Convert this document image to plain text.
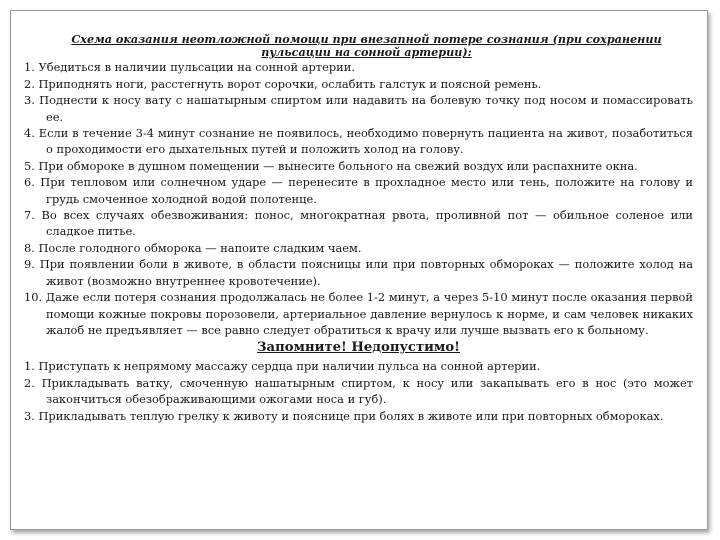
Схема оказания неотложной помощи при внезапной потере сознания (при сохранении пульсации на сонной артерии):
1. Убедиться в наличии пульсации на сонной артерии.
2. Приподнять ноги, расстегнуть ворот сорочки, ослабить галстук и поясной ремень.
3. Поднести к носу вату с нашатырным спиртом или надавить на болевую точку под носом и помассировать ее.
4. Если в течение 3-4 минут сознание не появилось, необходимо повернуть пациента на живот, позаботиться о проходимости его дыхательных путей и положить холод на голову.
5. При обмороке в душном помещении — вынесите больного на свежий воздух или распахните окна.
6. При тепловом или солнечном ударе — перенесите в прохладное место или тень, положите на голову и грудь смоченное холодной водой полотенце.
7. Во всех случаях обезвоживания: понос, многократная рвота, проливной пот — обильное соленое или сладкое питье.
8. После голодного обморока — напоите сладким чаем.
9. При появлении боли в животе, в области поясницы или при повторных обмороках — положите холод на живот (возможно внутреннее кровотечение).
10. Даже если потеря сознания продолжалась не более 1-2 минут, а через 5-10 минут после оказания первой помощи кожные покровы порозовели, артериальное давление вернулось к норме, и сам человек никаких жалоб не предъявляет — все равно следует обратиться к врачу или лучше вызвать его к больному.
Запомните! Недопустимо!
1. Приступать к непрямому массажу сердца при наличии пульса на сонной артерии.
2. Прикладывать ватку, смоченную нашатырным спиртом, к носу или закапывать его в нос (это может закончиться обезображивающими ожогами носа и губ).
3. Прикладывать теплую грелку к животу и пояснице при болях в животе или при повторных обмороках.
